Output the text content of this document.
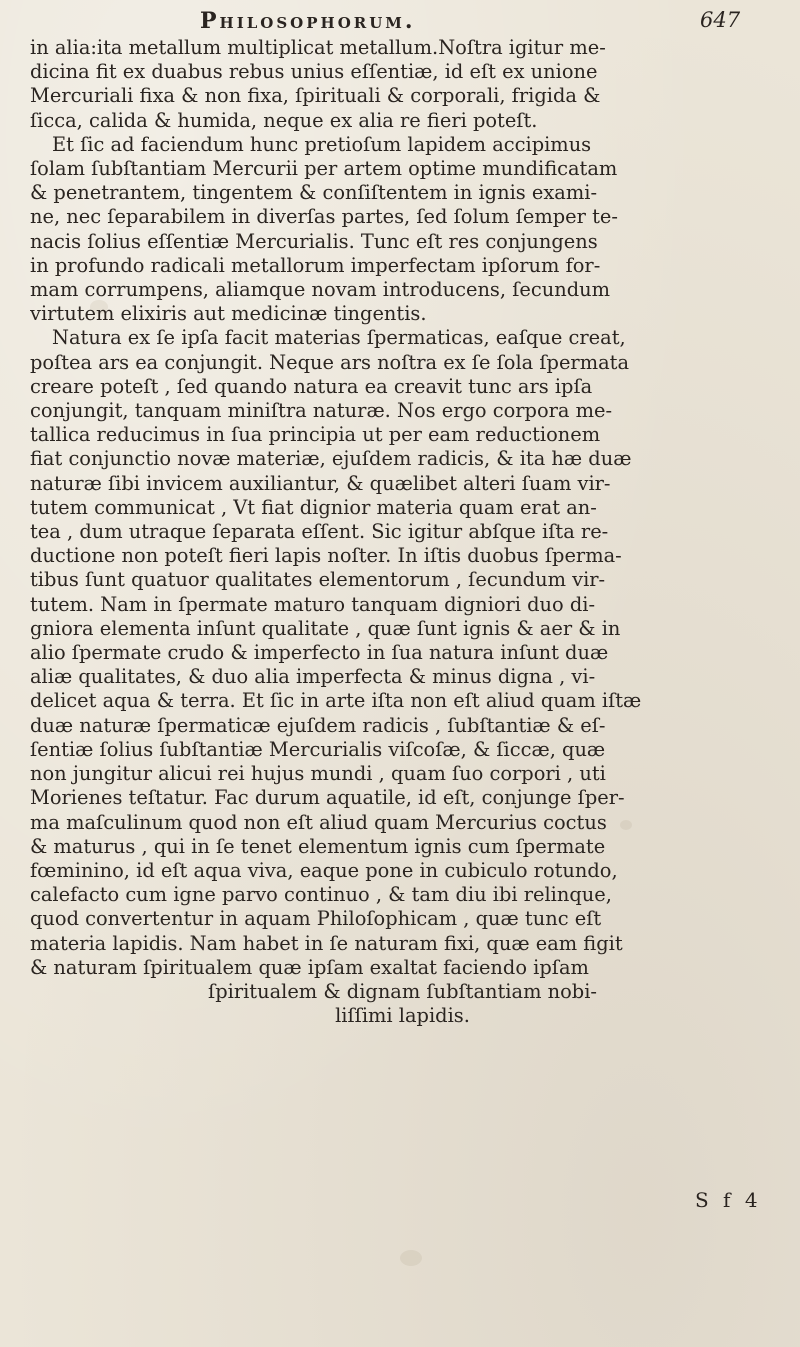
Philosophorum.	647

in alia:ita metallum multiplicat metallum.Noſtra igitur me-
dicina fit ex duabus rebus unius eſſentiæ, id eſt ex unione
Mercuriali fixa & non fixa, ſpirituali & corporali, frigida &
ſicca, calida & humida, neque ex alia re fieri poteſt.

Et ſic ad faciendum hunc pretioſum lapidem accipimus
ſolam ſubſtantiam Mercurii per artem optime mundificatam
& penetrantem, tingentem & conſiſtentem in ignis exami-
ne, nec ſeparabilem in diverſas partes, ſed ſolum ſemper te-
nacis ſolius eſſentiæ Mercurialis. Tunc eſt res conjungens
in profundo radicali metallorum imperfectam ipſorum for-
mam corrumpens, aliamque novam introducens, ſecundum
virtutem elixiris aut medicinæ tingentis.

Natura ex ſe ipſa facit materias ſpermaticas, eaſque creat,
poſtea ars ea conjungit. Neque ars noſtra ex ſe ſola ſpermata
creare poteſt , ſed quando natura ea creavit tunc ars ipſa
conjungit, tanquam miniſtra naturæ. Nos ergo corpora me-
tallica reducimus in ſua principia ut per eam reductionem
fiat conjunctio novæ materiæ, ejuſdem radicis, & ita hæ duæ
naturæ ſibi invicem auxiliantur, & quælibet alteri ſuam vir-
tutem communicat , Vt fiat dignior materia quam erat an-
tea , dum utraque ſeparata eſſent. Sic igitur abſque iſta re-
ductione non poteſt fieri lapis noſter. In iſtis duobus ſperma-
tibus ſunt quatuor qualitates elementorum , ſecundum vir-
tutem. Nam in ſpermate maturo tanquam digniori duo di-
gniora elementa inſunt qualitate , quæ ſunt ignis & aer & in
alio ſpermate crudo & imperfecto in ſua natura inſunt duæ
aliæ qualitates, & duo alia imperfecta & minus digna , vi-
delicet aqua & terra. Et ſic in arte iſta non eſt aliud quam iſtæ
duæ naturæ ſpermaticæ ejuſdem radicis , ſubſtantiæ & eſ-
ſentiæ ſolius ſubſtantiæ Mercurialis viſcoſæ, & ſiccæ, quæ
non jungitur alicui rei hujus mundi , quam ſuo corpori , uti
Morienes teſtatur. Fac durum aquatile, id eſt, conjunge ſper-
ma maſculinum quod non eſt aliud quam Mercurius coctus
& maturus , qui in ſe tenet elementum ignis cum ſpermate
fœminino, id eſt aqua viva, eaque pone in cubiculo rotundo,
calefacto cum igne parvo continuo , & tam diu ibi relinque,
quod convertentur in aquam Philoſophicam , quæ tunc eſt
materia lapidis. Nam habet in ſe naturam fixi, quæ eam figit
& naturam ſpiritualem quæ ipſam exaltat faciendo ipſam
ſpiritualem & dignam ſubſtantiam nobi-
liſſimi lapidis.

S f 4
